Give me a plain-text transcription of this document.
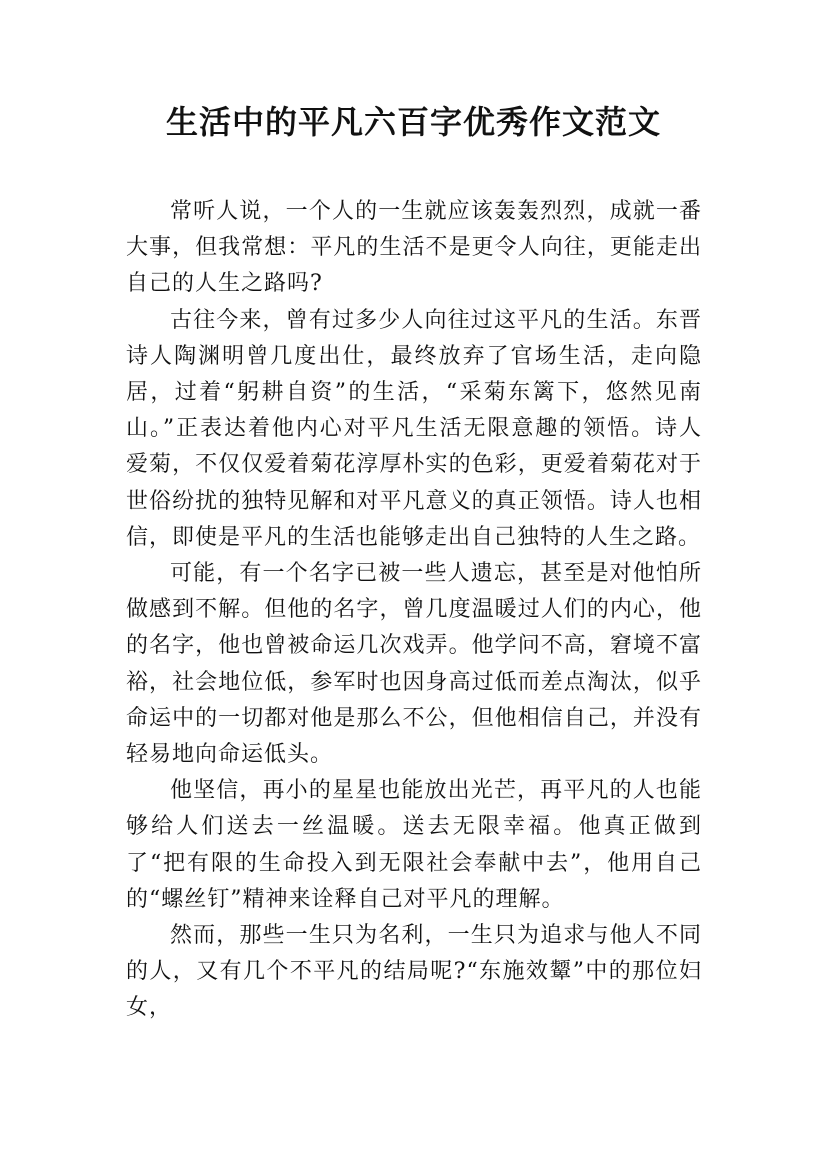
生活中的平凡六百字优秀作文范文

常听人说，一个人的一生就应该轰轰烈烈，成就一番大事，但我常想：平凡的生活不是更令人向往，更能走出自己的人生之路吗?

古往今来，曾有过多少人向往过这平凡的生活。东晋诗人陶渊明曾几度出仕，最终放弃了官场生活，走向隐居，过着“躬耕自资”的生活，“采菊东篱下，悠然见南山。”正表达着他内心对平凡生活无限意趣的领悟。诗人爱菊，不仅仅爱着菊花淳厚朴实的色彩，更爱着菊花对于世俗纷扰的独特见解和对平凡意义的真正领悟。诗人也相信，即使是平凡的生活也能够走出自己独特的人生之路。

可能，有一个名字已被一些人遗忘，甚至是对他怕所做感到不解。但他的名字，曾几度温暖过人们的内心，他的名字，他也曾被命运几次戏弄。他学问不高，窘境不富裕，社会地位低，参军时也因身高过低而差点淘汰，似乎命运中的一切都对他是那么不公，但他相信自己，并没有轻易地向命运低头。

他坚信，再小的星星也能放出光芒，再平凡的人也能够给人们送去一丝温暖。送去无限幸福。他真正做到了“把有限的生命投入到无限社会奉献中去”，他用自己的“螺丝钉”精神来诠释自己对平凡的理解。

然而，那些一生只为名利，一生只为追求与他人不同的人，又有几个不平凡的结局呢?“东施效颦”中的那位妇女，
